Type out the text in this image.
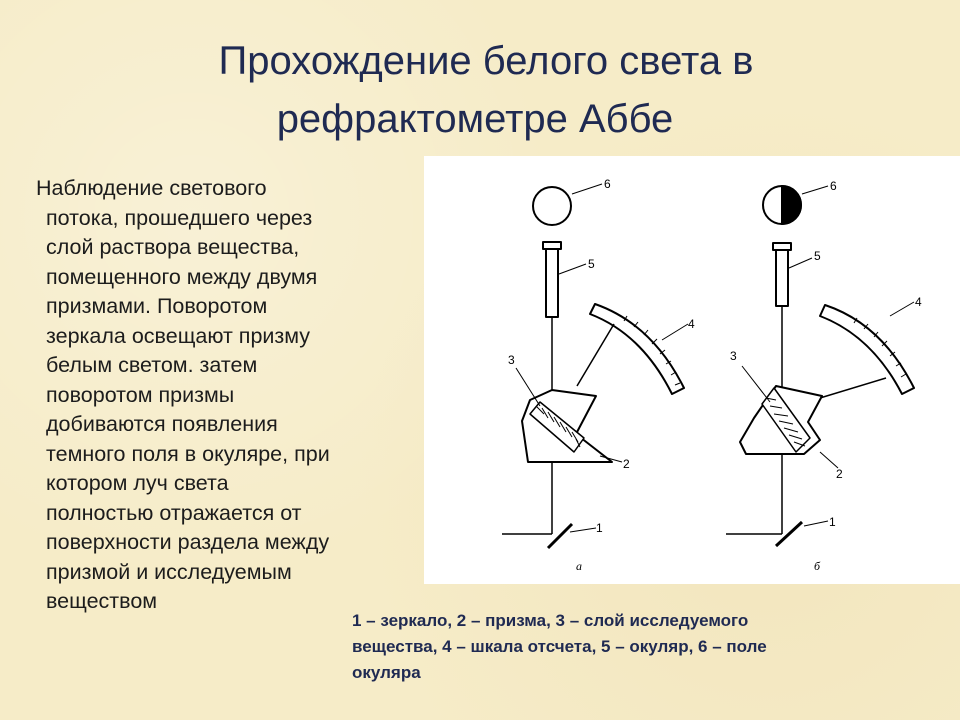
Прохождение белого света в
рефрактометре Аббе
Наблюдение светового
потока, прошедшего через
слой раствора вещества,
помещенного между двумя
призмами. Поворотом
зеркала освещают призму
белым светом. затем
поворотом призмы
добиваются появления
темного поля в окуляре, при
котором луч света
полностью отражается от
поверхности раздела между
призмой и исследуемым
веществом
6
5
4
3
2
1
а
6
5
4
3
2
1
б
1 – зеркало, 2 – призма, 3 – слой исследуемого
вещества, 4 – шкала отсчета, 5 – окуляр, 6 – поле
окуляра
